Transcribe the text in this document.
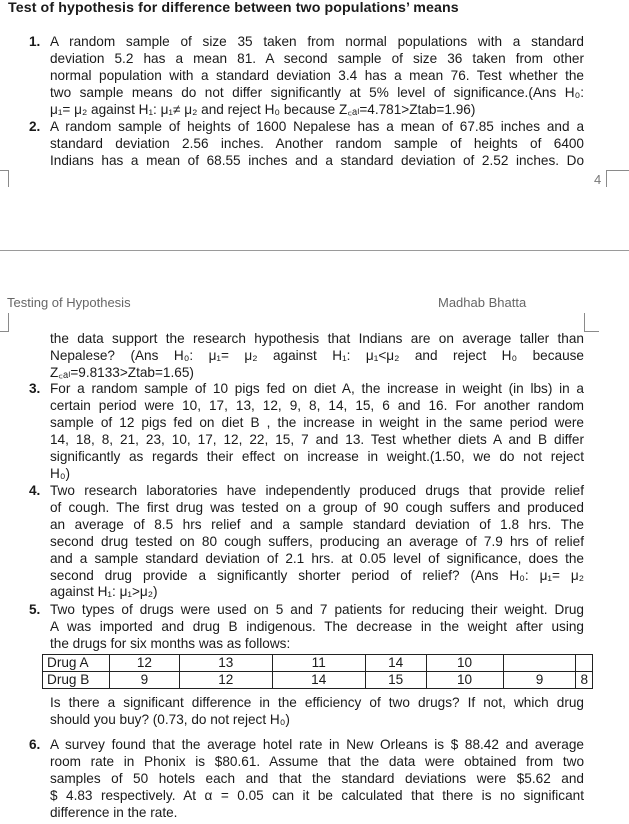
Test of hypothesis for difference between two populations’ means
1. A random sample of size 35 taken from normal populations with a standard
deviation 5.2 has a mean 81. A second sample of size 36 taken from other
normal population with a standard deviation 3.4 has a mean 76. Test whether the
two sample means do not differ significantly at 5% level of significance.(Ans H₀:
μ₁= μ₂ against H₁: μ₁≠ μ₂ and reject H₀ because Z꜀ₐₗ=4.781>Ztab=1.96)
2. A random sample of heights of 1600 Nepalese has a mean of 67.85 inches and a
standard deviation 2.56 inches. Another random sample of heights of 6400
Indians has a mean of 68.55 inches and a standard deviation of 2.52 inches. Do
4
Testing of Hypothesis	Madhab Bhatta
the data support the research hypothesis that Indians are on average taller than
Nepalese? (Ans H₀: μ₁= μ₂ against H₁: μ₁<μ₂ and reject H₀ because
Z꜀ₐₗ=9.8133>Ztab=1.65)
3. For a random sample of 10 pigs fed on diet A, the increase in weight (in lbs) in a
certain period were 10, 17, 13, 12, 9, 8, 14, 15, 6 and 16. For another random
sample of 12 pigs fed on diet B , the increase in weight in the same period were
14, 18, 8, 21, 23, 10, 17, 12, 22, 15, 7 and 13. Test whether diets A and B differ
significantly as regards their effect on increase in weight.(1.50, we do not reject
H₀)
4. Two research laboratories have independently produced drugs that provide relief
of cough. The first drug was tested on a group of 90 cough suffers and produced
an average of 8.5 hrs relief and a sample standard deviation of 1.8 hrs. The
second drug tested on 80 cough suffers, producing an average of 7.9 hrs of relief
and a sample standard deviation of 2.1 hrs. at 0.05 level of significance, does the
second drug provide a significantly shorter period of relief? (Ans H₀: μ₁= μ₂
against H₁: μ₁>μ₂)
5. Two types of drugs were used on 5 and 7 patients for reducing their weight. Drug
A was imported and drug B indigenous. The decrease in the weight after using
the drugs for six months was as follows:
Drug A	12	13	11	14	10		
Drug B	9	12	14	15	10	9	8
Is there a significant difference in the efficiency of two drugs? If not, which drug
should you buy? (0.73, do not reject H₀)
6. A survey found that the average hotel rate in New Orleans is $ 88.42 and average
room rate in Phonix is $80.61. Assume that the data were obtained from two
samples of 50 hotels each and that the standard deviations were $5.62 and
$ 4.83 respectively. At α = 0.05 can it be calculated that there is no significant
difference in the rate.
